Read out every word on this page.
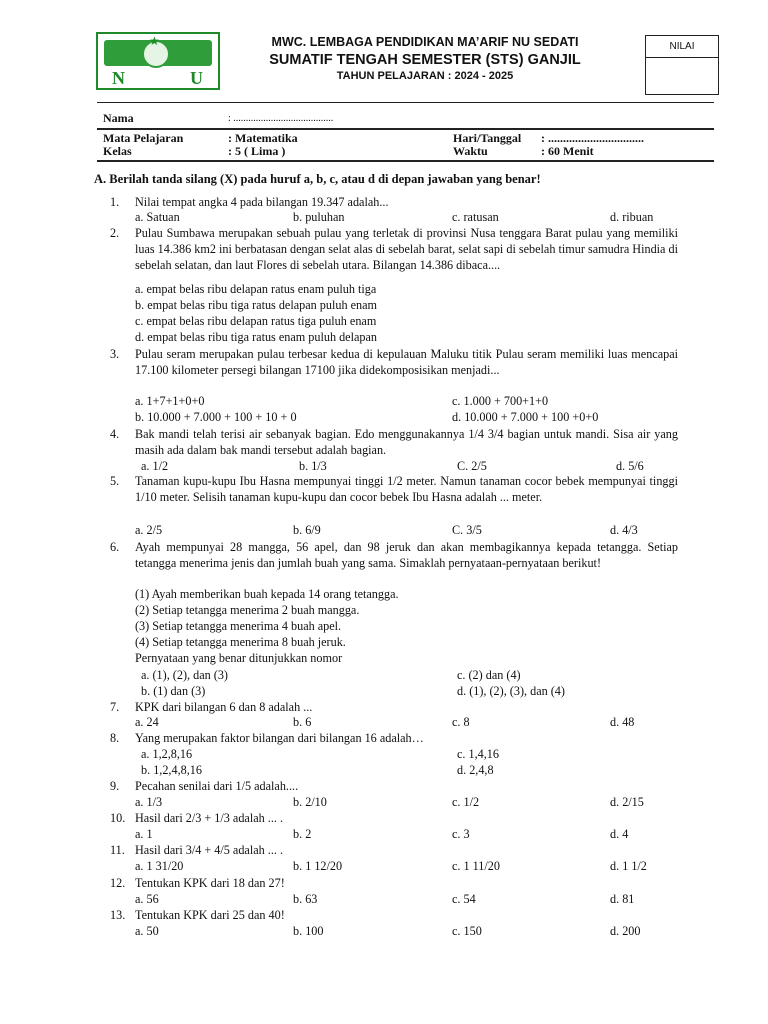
★
N	U
MWC. LEMBAGA PENDIDIKAN MA’ARIF NU SEDATI
SUMATIF TENGAH SEMESTER (STS) GANJIL
TAHUN PELAJARAN : 2024 - 2025
NILAI
Nama	: ........................................
Mata Pelajaran	: Matematika
Kelas	: 5 ( Lima )
Hari/Tanggal : ................................
Waktu	: 60 Menit
A. Berilah tanda silang (X) pada huruf a, b, c, atau d di depan jawaban yang benar!
1. Nilai tempat angka 4 pada bilangan 19.347 adalah...
a. Satuan	b. puluhan	c. ratusan	d. ribuan
2. Pulau Sumbawa merupakan sebuah pulau yang terletak di provinsi Nusa tenggara Barat pulau yang memiliki luas 14.386 km2 ini berbatasan dengan selat alas di sebelah barat, selat sapi di sebelah timur samudra Hindia di sebelah selatan, dan laut Flores di sebelah utara. Bilangan 14.386 dibaca....
a. empat belas ribu delapan ratus enam puluh tiga
b. empat belas ribu tiga ratus delapan puluh enam
c. empat belas ribu delapan ratus tiga puluh enam
d. empat belas ribu tiga ratus enam puluh delapan
3. Pulau seram merupakan pulau terbesar kedua di kepulauan Maluku titik Pulau seram memiliki luas mencapai 17.100 kilometer persegi bilangan 17100 jika didekomposisikan menjadi...
a. 1+7+1+0+0	c. 1.000 + 700+1+0
b. 10.000 + 7.000 + 100 + 10 + 0	d. 10.000 + 7.000 + 100 +0+0
4. Bak mandi telah terisi air sebanyak bagian. Edo menggunakannya 1/4 3/4 bagian untuk mandi. Sisa air yang masih ada dalam bak mandi tersebut adalah bagian.
a. 1/2	b. 1/3	C. 2/5	d. 5/6
5. Tanaman kupu-kupu Ibu Hasna mempunyai tinggi 1/2 meter. Namun tanaman cocor bebek mempunyai tinggi 1/10 meter. Selisih tanaman kupu-kupu dan cocor bebek Ibu Hasna adalah ... meter.
a. 2/5	b. 6/9	C. 3/5	d. 4/3
6. Ayah mempunyai 28 mangga, 56 apel, dan 98 jeruk dan akan membagikannya kepada tetangga. Setiap tetangga menerima jenis dan jumlah buah yang sama. Simaklah pernyataan-pernyataan berikut!
(1) Ayah memberikan buah kepada 14 orang tetangga.
(2) Setiap tetangga menerima 2 buah mangga.
(3) Setiap tetangga menerima 4 buah apel.
(4) Setiap tetangga menerima 8 buah jeruk.
Pernyataan yang benar ditunjukkan nomor
a. (1), (2), dan (3)	c. (2) dan (4)
b. (1) dan (3)	d. (1), (2), (3), dan (4)
7. KPK dari bilangan 6 dan 8 adalah ...
a. 24	b. 6	c. 8	d. 48
8. Yang merupakan faktor bilangan dari bilangan 16 adalah…
a. 1,2,8,16	c. 1,4,16
b. 1,2,4,8,16	d. 2,4,8
9. Pecahan senilai dari 1/5 adalah....
a. 1/3	b. 2/10	c. 1/2	d. 2/15
10. Hasil dari 2/3 + 1/3 adalah ... .
a. 1	b. 2	c. 3	d. 4
11. Hasil dari 3/4 + 4/5 adalah ... .
a. 1 31/20	b. 1 12/20	c. 1 11/20	d. 1 1/2
12. Tentukan KPK dari 18 dan 27!
a. 56	b. 63	c. 54	d. 81
13. Tentukan KPK dari 25 dan 40!
a. 50	b. 100	c. 150	d. 200
